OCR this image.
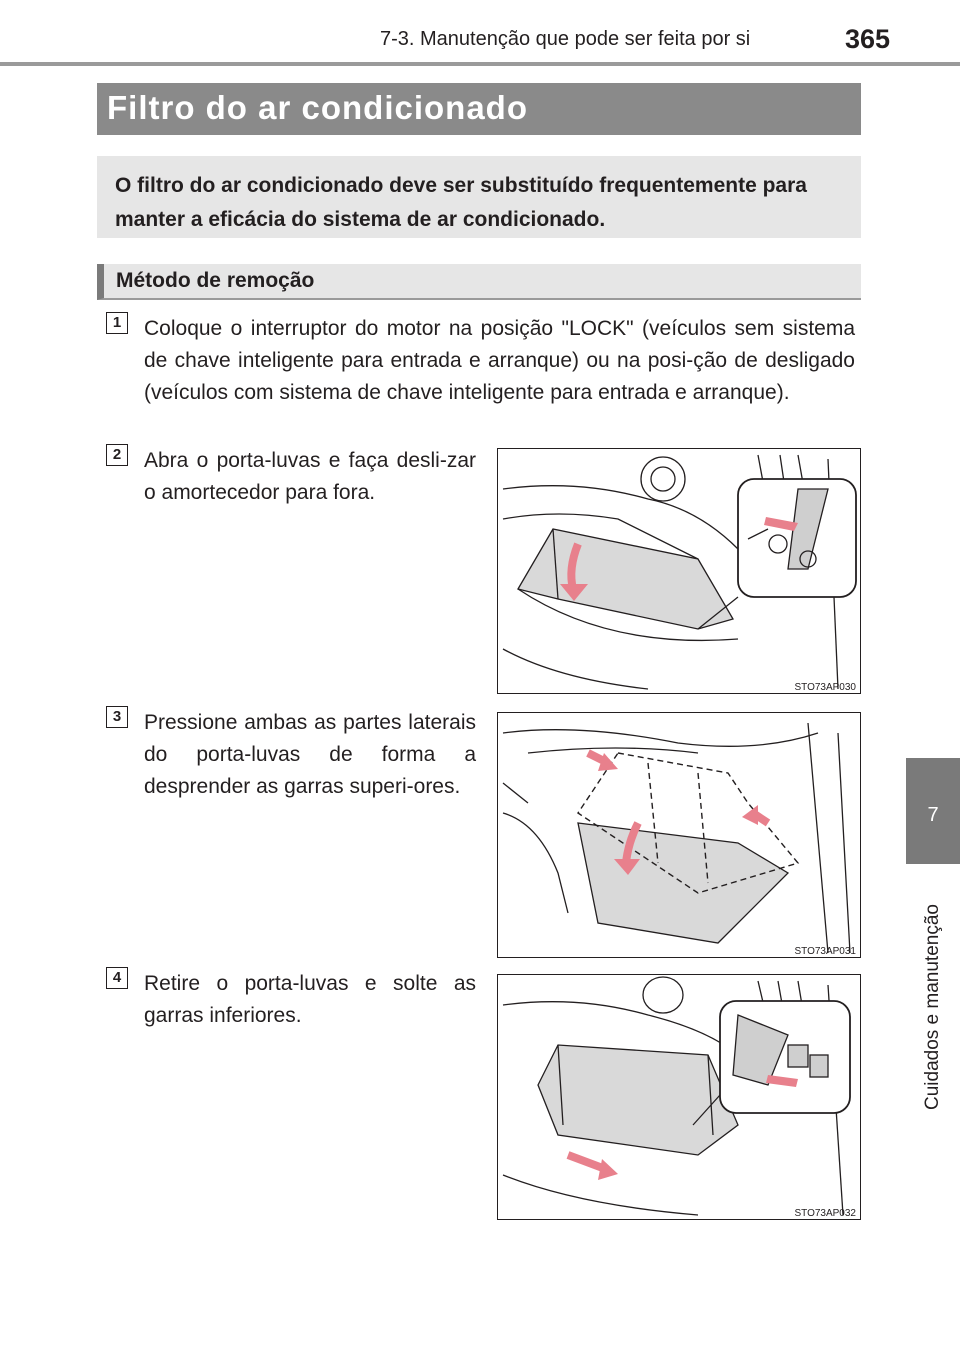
7-3. Manutenção que pode ser feita por si	365
7
Cuidados e manutenção
Filtro do ar condicionado
O filtro do ar condicionado deve ser substituído frequentemente para manter a eficácia do sistema de ar condicionado.
Método de remoção
1	Coloque o interruptor do motor na posição "LOCK" (veículos sem sistema de chave inteligente para entrada e arranque) ou na posi-ção de desligado (veículos com sistema de chave inteligente para entrada e arranque).
2	Abra o porta-luvas e faça desli-zar o amortecedor para fora.
3	Pressione ambas as partes laterais do porta-luvas de forma a desprender as garras superi-ores.
4	Retire o porta-luvas e solte as garras inferiores.
STO73AP030
STO73AP031
STO73AP032
